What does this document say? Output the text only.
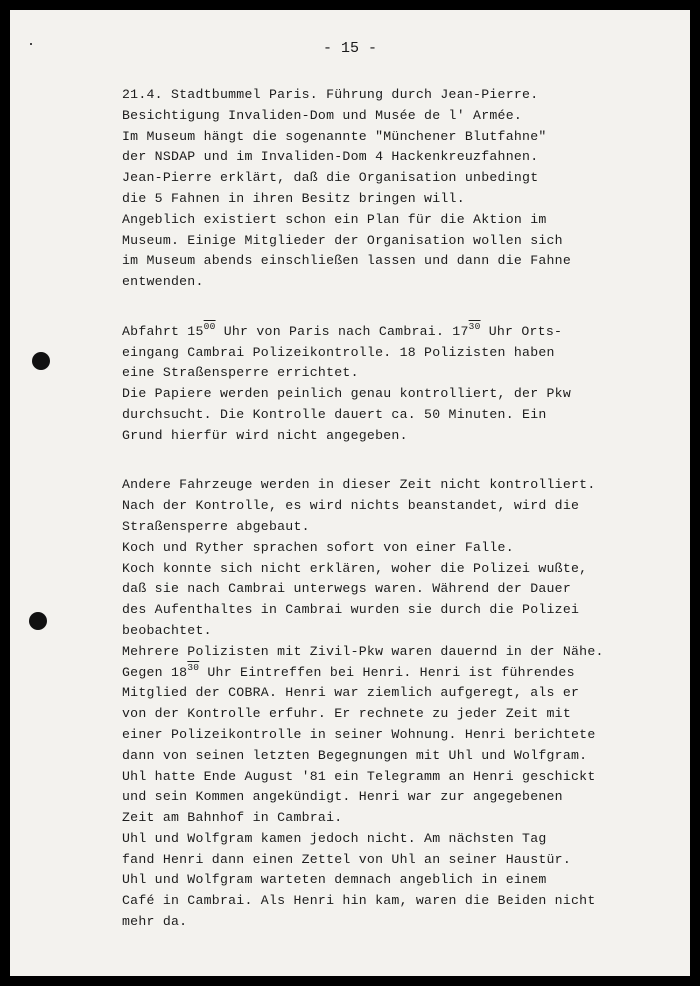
- 15 -
21.4. Stadtbummel Paris. Führung durch Jean-Pierre.
Besichtigung Invaliden-Dom und Musée de l' Armée.
Im Museum hängt die sogenannte "Münchener Blutfahne"
der NSDAP und im Invaliden-Dom 4 Hackenkreuzfahnen.
Jean-Pierre erklärt, daß die Organisation unbedingt
die 5 Fahnen in ihren Besitz bringen will.
Angeblich existiert schon ein Plan für die Aktion im
Museum. Einige Mitglieder der Organisation wollen sich
im Museum abends einschließen lassen und dann die Fahne
entwenden.
Abfahrt $15^{00}$ Uhr von Paris nach Cambrai. $17^{30}$ Uhr Orts-
eingang Cambrai Polizeikontrolle. 18 Polizisten haben
eine Straßensperre errichtet.
Die Papiere werden peinlich genau kontrolliert, der Pkw
durchsucht. Die Kontrolle dauert ca. 50 Minuten. Ein
Grund hierfür wird nicht angegeben.
Andere Fahrzeuge werden in dieser Zeit nicht kontrolliert.
Nach der Kontrolle, es wird nichts beanstandet, wird die
Straßensperre abgebaut.
Koch und Ryther sprachen sofort von einer Falle.
Koch konnte sich nicht erklären, woher die Polizei wußte,
daß sie nach Cambrai unterwegs waren. Während der Dauer
des Aufenthaltes in Cambrai wurden sie durch die Polizei
beobachtet.
Mehrere Polizisten mit Zivil-Pkw waren dauernd in der Nähe.
Gegen $18^{30}$ Uhr Eintreffen bei Henri. Henri ist führendes
Mitglied der COBRA. Henri war ziemlich aufgeregt, als er
von der Kontrolle erfuhr. Er rechnete zu jeder Zeit mit
einer Polizeikontrolle in seiner Wohnung. Henri berichtete
dann von seinen letzten Begegnungen mit Uhl und Wolfgram.
Uhl hatte Ende August '81 ein Telegramm an Henri geschickt
und sein Kommen angekündigt. Henri war zur angegebenen
Zeit am Bahnhof in Cambrai.
Uhl und Wolfgram kamen jedoch nicht. Am nächsten Tag
fand Henri dann einen Zettel von Uhl an seiner Haustür.
Uhl und Wolfgram warteten demnach angeblich in einem
Café in Cambrai. Als Henri hin kam, waren die Beiden nicht
mehr da.
